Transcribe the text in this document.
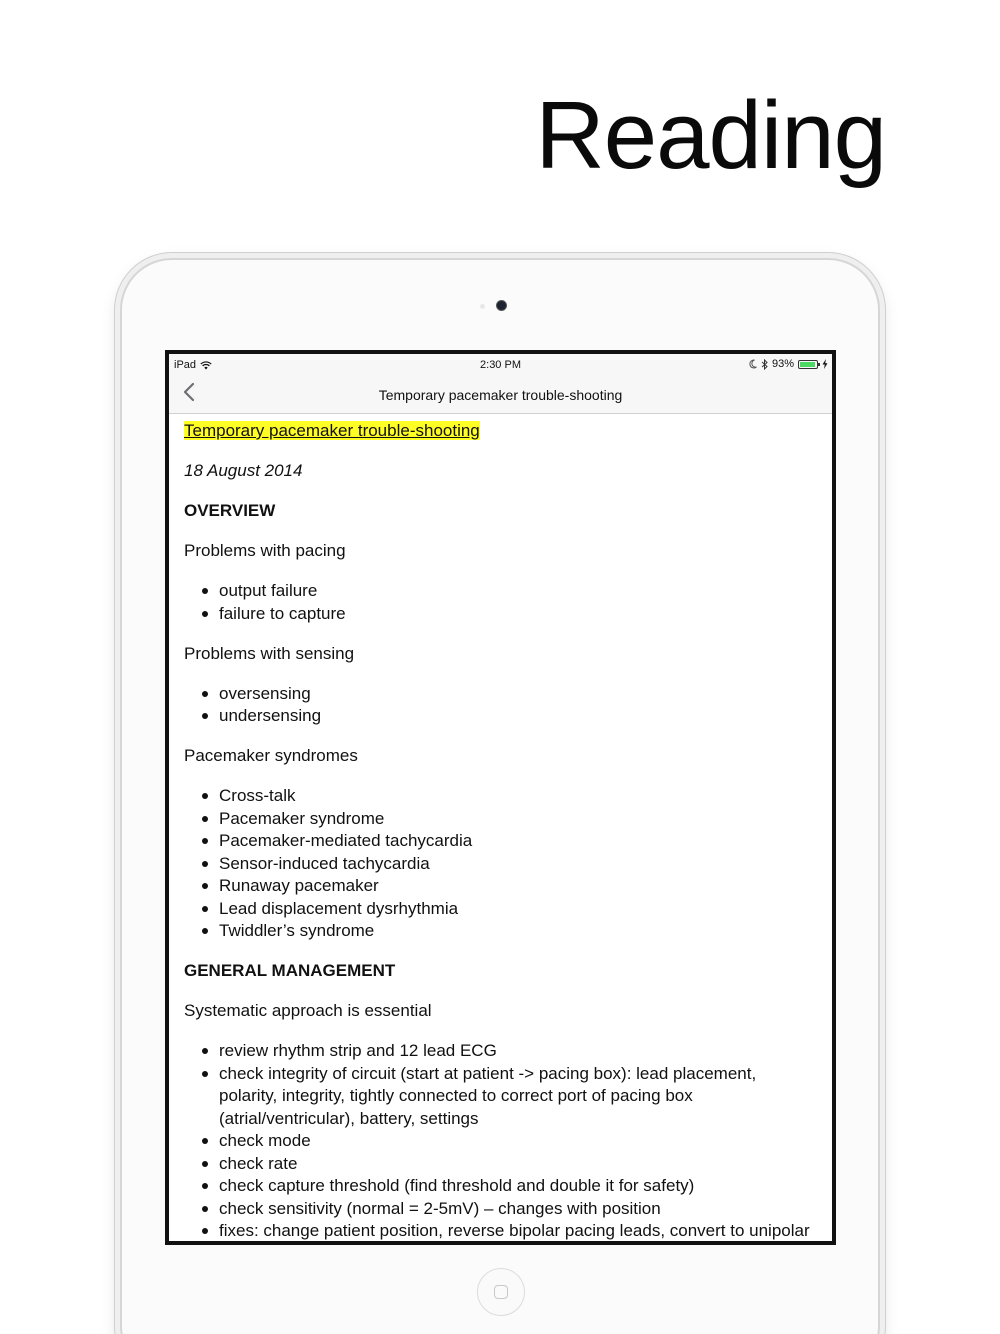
Reading
iPad	2:30 PM	93%
Temporary pacemaker trouble-shooting

Temporary pacemaker trouble-shooting

18 August 2014

OVERVIEW

Problems with pacing

output failure
failure to capture

Problems with sensing

oversensing
undersensing

Pacemaker syndromes

Cross-talk
Pacemaker syndrome
Pacemaker-mediated tachycardia
Sensor-induced tachycardia
Runaway pacemaker
Lead displacement dysrhythmia
Twiddler’s syndrome

GENERAL MANAGEMENT

Systematic approach is essential

review rhythm strip and 12 lead ECG
check integrity of circuit (start at patient -> pacing box): lead placement, polarity, integrity, tightly connected to correct port of pacing box (atrial/ventricular), battery, settings
check mode
check rate
check capture threshold (find threshold and double it for safety)
check sensitivity (normal = 2-5mV) – changes with position
fixes: change patient position, reverse bipolar pacing leads, convert to unipolar
